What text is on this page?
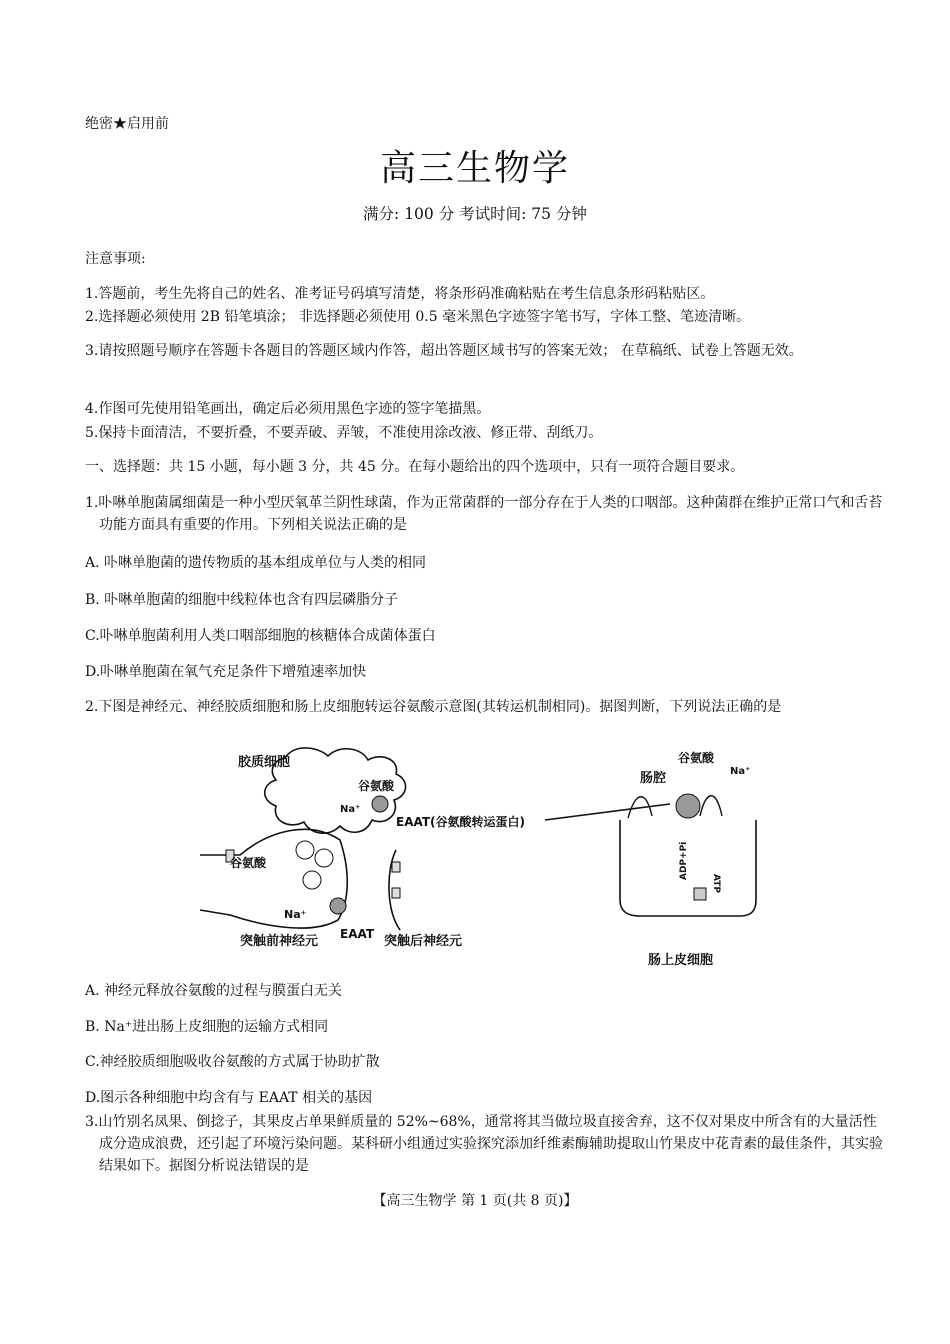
绝密★启用前
高三生物学
满分: 100 分 考试时间: 75 分钟
注意事项:
1.答题前，考生先将自己的姓名、准考证号码填写清楚，将条形码准确粘贴在考生信息条形码粘贴区。
2.选择题必须使用 2B 铅笔填涂； 非选择题必须使用 0.5 毫米黑色字迹签字笔书写，字体工整、笔迹清晰。
3.请按照题号顺序在答题卡各题目的答题区域内作答，超出答题区域书写的答案无效； 在草稿纸、试卷上答题无效。
4.作图可先使用铅笔画出，确定后必须用黑色字迹的签字笔描黑。
5.保持卡面清洁，不要折叠，不要弄破、弄皱，不准使用涂改液、修正带、刮纸刀。
一、选择题：共 15 小题，每小题 3 分，共 45 分。在每小题给出的四个选项中，只有一项符合题目要求。
1.卟啉单胞菌属细菌是一种小型厌氧革兰阴性球菌，作为正常菌群的一部分存在于人类的口咽部。这种菌群在维护正常口气和舌苔功能方面具有重要的作用。下列相关说法正确的是
A. 卟啉单胞菌的遗传物质的基本组成单位与人类的相同
B. 卟啉单胞菌的细胞中线粒体也含有四层磷脂分子
C.卟啉单胞菌利用人类口咽部细胞的核糖体合成菌体蛋白
D.卟啉单胞菌在氧气充足条件下增殖速率加快
2.下图是神经元、神经胶质细胞和肠上皮细胞转运谷氨酸示意图(其转运机制相同)。据图判断，下列说法正确的是
胶质细胞
谷氨酸
Na⁺
EAAT(谷氨酸转运蛋白)
谷氨酸
Na⁺
突触前神经元 EAAT 突触后神经元
谷氨酸
Na⁺
肠腔
ADP+Pi
ATP
肠上皮细胞
A. 神经元释放谷氨酸的过程与膜蛋白无关
B. Na⁺进出肠上皮细胞的运输方式相同
C.神经胶质细胞吸收谷氨酸的方式属于协助扩散
D.图示各种细胞中均含有与 EAAT 相关的基因
3.山竹别名凤果、倒捻子，其果皮占单果鲜质量的 52%~68%，通常将其当做垃圾直接舍弃，这不仅对果皮中所含有的大量活性成分造成浪费，还引起了环境污染问题。某科研小组通过实验探究添加纤维素酶辅助提取山竹果皮中花青素的最佳条件，其实验结果如下。据图分析说法错误的是
【高三生物学 第 1 页(共 8 页)】
